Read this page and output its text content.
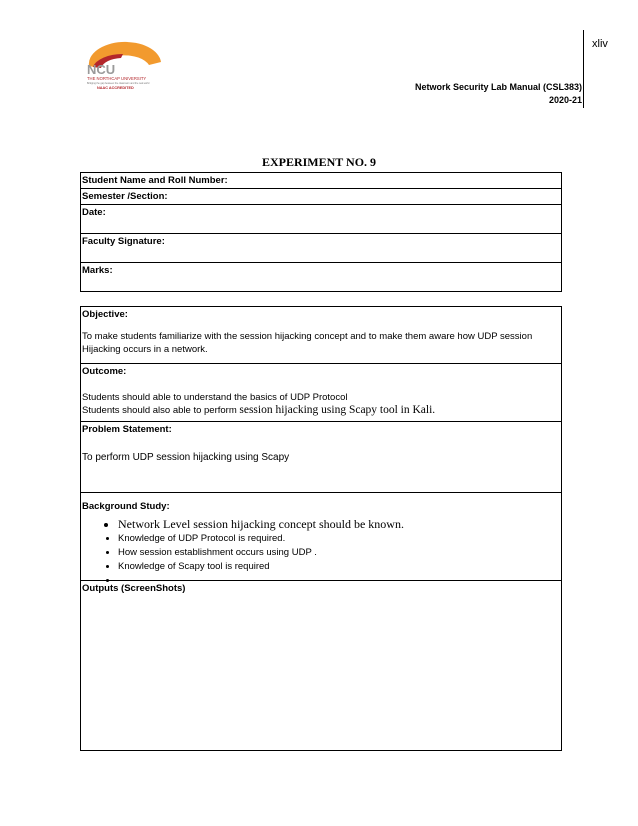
xliv
NCU
THE NORTHCAP UNIVERSITY
Bridging the gap between the classroom and the real world
NAAC ACCREDITED	Network Security Lab Manual (CSL383)
2020-21
EXPERIMENT NO. 9
Student Name and Roll Number:
Semester /Section:
Date:
Faculty Signature:
Marks:
Objective:
To make students familiarize with the session hijacking concept and to make them aware how UDP session Hijacking occurs in a network.
Outcome:
Students should able to understand the basics of UDP Protocol
Students should also able to perform session hijacking using Scapy tool in Kali.
Problem Statement:
To perform UDP session hijacking using Scapy
Background Study:
• Network Level session hijacking concept should be known.
• Knowledge of UDP Protocol is required.
• How session establishment occurs using UDP .
• Knowledge of Scapy tool is required
•
Outputs (ScreenShots)
